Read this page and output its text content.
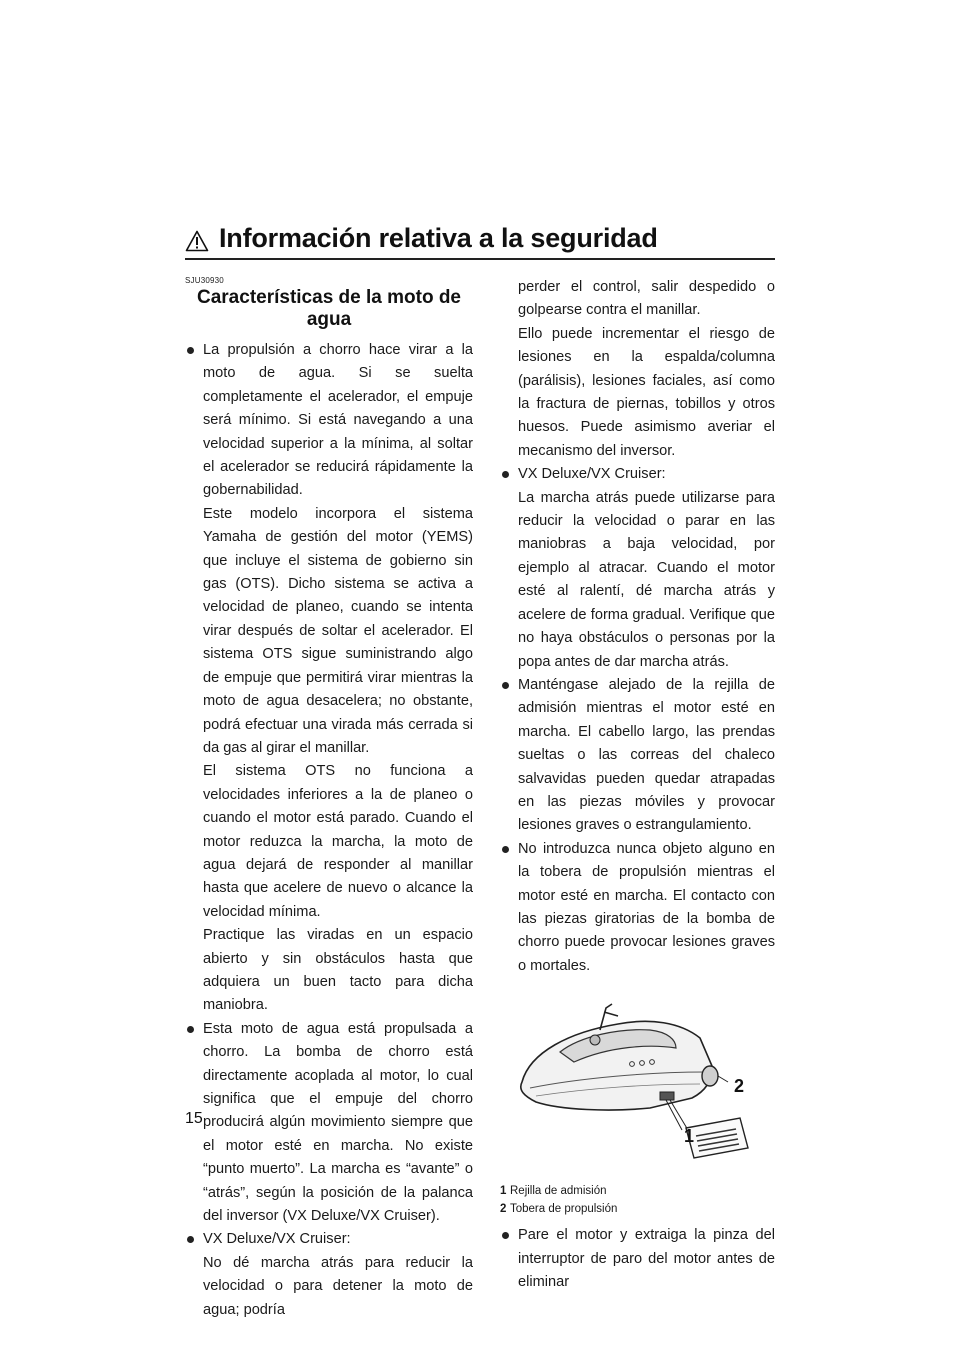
Información relativa a la seguridad

SJU30930

Características de la moto de agua

La propulsión a chorro hace virar a la moto de agua. Si se suelta completamente el acelerador, el empuje será mínimo. Si está navegando a una velocidad superior a la mínima, al soltar el acelerador se reducirá rápidamente la gobernabilidad.

Este modelo incorpora el sistema Yamaha de gestión del motor (YEMS) que incluye el sistema de gobierno sin gas (OTS). Dicho sistema se activa a velocidad de planeo, cuando se intenta virar después de soltar el acelerador. El sistema OTS sigue suministrando algo de empuje que permitirá virar mientras la moto de agua desacelera; no obstante, podrá efectuar una virada más cerrada si da gas al girar el manillar.

El sistema OTS no funciona a velocidades inferiores a la de planeo o cuando el motor está parado. Cuando el motor reduzca la marcha, la moto de agua dejará de responder al manillar hasta que acelere de nuevo o alcance la velocidad mínima.

Practique las viradas en un espacio abierto y sin obstáculos hasta que adquiera un buen tacto para dicha maniobra.

Esta moto de agua está propulsada a chorro. La bomba de chorro está directamente acoplada al motor, lo cual significa que el empuje del chorro producirá algún movimiento siempre que el motor esté en marcha. No existe “punto muerto”. La marcha es “avante” o “atrás”, según la posición de la palanca del inversor (VX Deluxe/VX Cruiser).

VX Deluxe/VX Cruiser:

No dé marcha atrás para reducir la velocidad o para detener la moto de agua; podría

perder el control, salir despedido o golpearse contra el manillar.

Ello puede incrementar el riesgo de lesiones en la espalda/columna (parálisis), lesiones faciales, así como la fractura de piernas, tobillos y otros huesos. Puede asimismo averiar el mecanismo del inversor.

VX Deluxe/VX Cruiser:

La marcha atrás puede utilizarse para reducir la velocidad o parar en las maniobras a baja velocidad, por ejemplo al atracar. Cuando el motor esté al ralentí, dé marcha atrás y acelere de forma gradual. Verifique que no haya obstáculos o personas por la popa antes de dar marcha atrás.

Manténgase alejado de la rejilla de admisión mientras el motor esté en marcha. El cabello largo, las prendas sueltas o las correas del chaleco salvavidas pueden quedar atrapadas en las piezas móviles y provocar lesiones graves o estrangulamiento.

No introduzca nunca objeto alguno en la tobera de propulsión mientras el motor esté en marcha. El contacto con las piezas giratorias de la bomba de chorro puede provocar lesiones graves o mortales.

2
1

1 Rejilla de admisión

2 Tobera de propulsión

Pare el motor y extraiga la pinza del interruptor de paro del motor antes de eliminar

15
